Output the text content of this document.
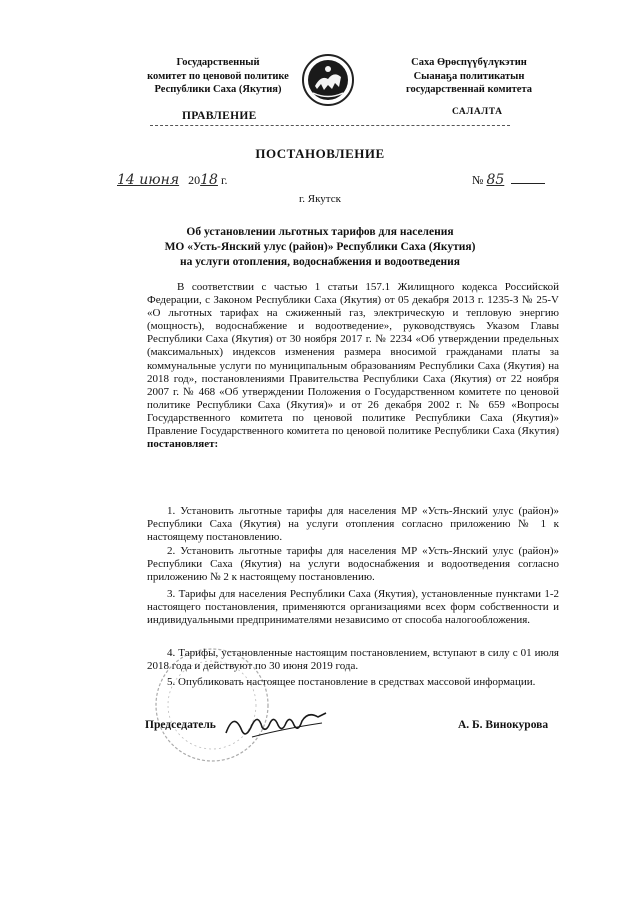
Государственный
комитет по ценовой политике
Республики Саха (Якутия)
Саха Өрөспүүбүлүкэтин
Сыанаҕа политикатын
государственнай комитета
ПРАВЛЕНИЕ	САЛАЛТА
ПОСТАНОВЛЕНИЕ
14 июня 2018 г.	№ 85
г. Якутск
Об установлении льготных тарифов для населения
МО «Усть-Янский улус (район)» Республики Саха (Якутия)
на услуги отопления, водоснабжения и водоотведения
В соответствии с частью 1 статьи 157.1 Жилищного кодекса Российской Федерации, с Законом Республики Саха (Якутия) от 05 декабря 2013 г. 1235-З № 25-V «О льготных тарифах на сжиженный газ, электрическую и тепловую энергию (мощность), водоснабжение и водоотведение», руководствуясь Указом Главы Республики Саха (Якутия) от 30 ноября 2017 г. № 2234 «Об утверждении предельных (максимальных) индексов изменения размера вносимой гражданами платы за коммунальные услуги по муниципальным образованиям Республики Саха (Якутия) на 2018 год», постановлениями Правительства Республики Саха (Якутия) от 22 ноября 2007 г. № 468 «Об утверждении Положения о Государственном комитете по ценовой политике Республики Саха (Якутия)» и от 26 декабря 2002 г. № 659 «Вопросы Государственного комитета по ценовой политике Республики Саха (Якутия)» Правление Государственного комитета по ценовой политике Республики Саха (Якутия) постановляет:
1. Установить льготные тарифы для населения МР «Усть-Янский улус (район)» Республики Саха (Якутия) на услуги отопления согласно приложению № 1 к настоящему постановлению.
2. Установить льготные тарифы для населения МР «Усть-Янский улус (район)» Республики Саха (Якутия) на услуги водоснабжения и водоотведения согласно приложению № 2 к настоящему постановлению.
3. Тарифы для населения Республики Саха (Якутия), установленные пунктами 1-2 настоящего постановления, применяются организациями всех форм собственности и индивидуальными предпринимателями независимо от способа налогообложения.
4. Тарифы, установленные настоящим постановлением, вступают в силу с 01 июля 2018 года и действуют по 30 июня 2019 года.
5. Опубликовать настоящее постановление в средствах массовой информации.
Председатель	А. Б. Винокурова
